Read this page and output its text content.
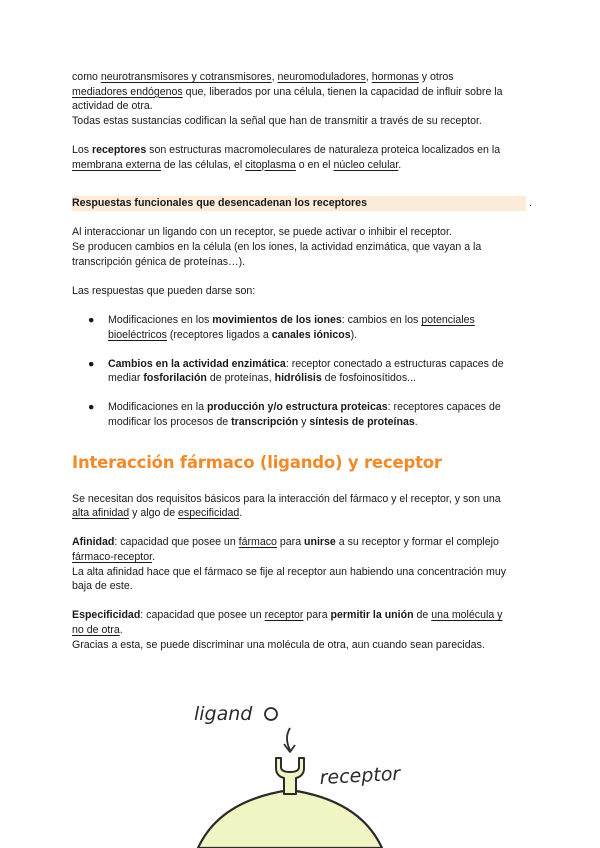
como neurotransmisores y cotransmisores, neuromoduladores, hormonas y otros

mediadores endógenos que, liberados por una célula, tienen la capacidad de influir sobre la

actividad de otra.

Todas estas sustancias codifican la señal que han de transmitir a través de su receptor.

Los receptores son estructuras macromoleculares de naturaleza proteica localizados en la

membrana externa de las células, el citoplasma o en el núcleo celular.

Respuestas funcionales que desencadenan los receptores	.

Al interaccionar un ligando con un receptor, se puede activar o inhibir el receptor.

Se producen cambios en la célula (en los iones, la actividad enzimática, que vayan a la

transcripción génica de proteínas…).

Las respuestas que pueden darse son:

● Modificaciones en los movimientos de los iones: cambios en los potenciales

bioeléctricos (receptores ligados a canales iónicos).

● Cambios en la actividad enzimática: receptor conectado a estructuras capaces de

mediar fosforilación de proteínas, hidrólisis de fosfoinosítidos...

● Modificaciones en la producción y/o estructura proteicas: receptores capaces de

modificar los procesos de transcripción y síntesis de proteínas.

Interacción fármaco (ligando) y receptor

Se necesitan dos requisitos básicos para la interacción del fármaco y el receptor, y son una

alta afinidad y algo de especificidad.

Afinidad: capacidad que posee un fármaco para unirse a su receptor y formar el complejo

fármaco-receptor.

La alta afinidad hace que el fármaco se fije al receptor aun habiendo una concentración muy

baja de este.

Especificidad: capacidad que posee un receptor para permitir la unión de una molécula y

no de otra.

Gracias a esta, se puede discriminar una molécula de otra, aun cuando sean parecidas.

ligand
receptor
